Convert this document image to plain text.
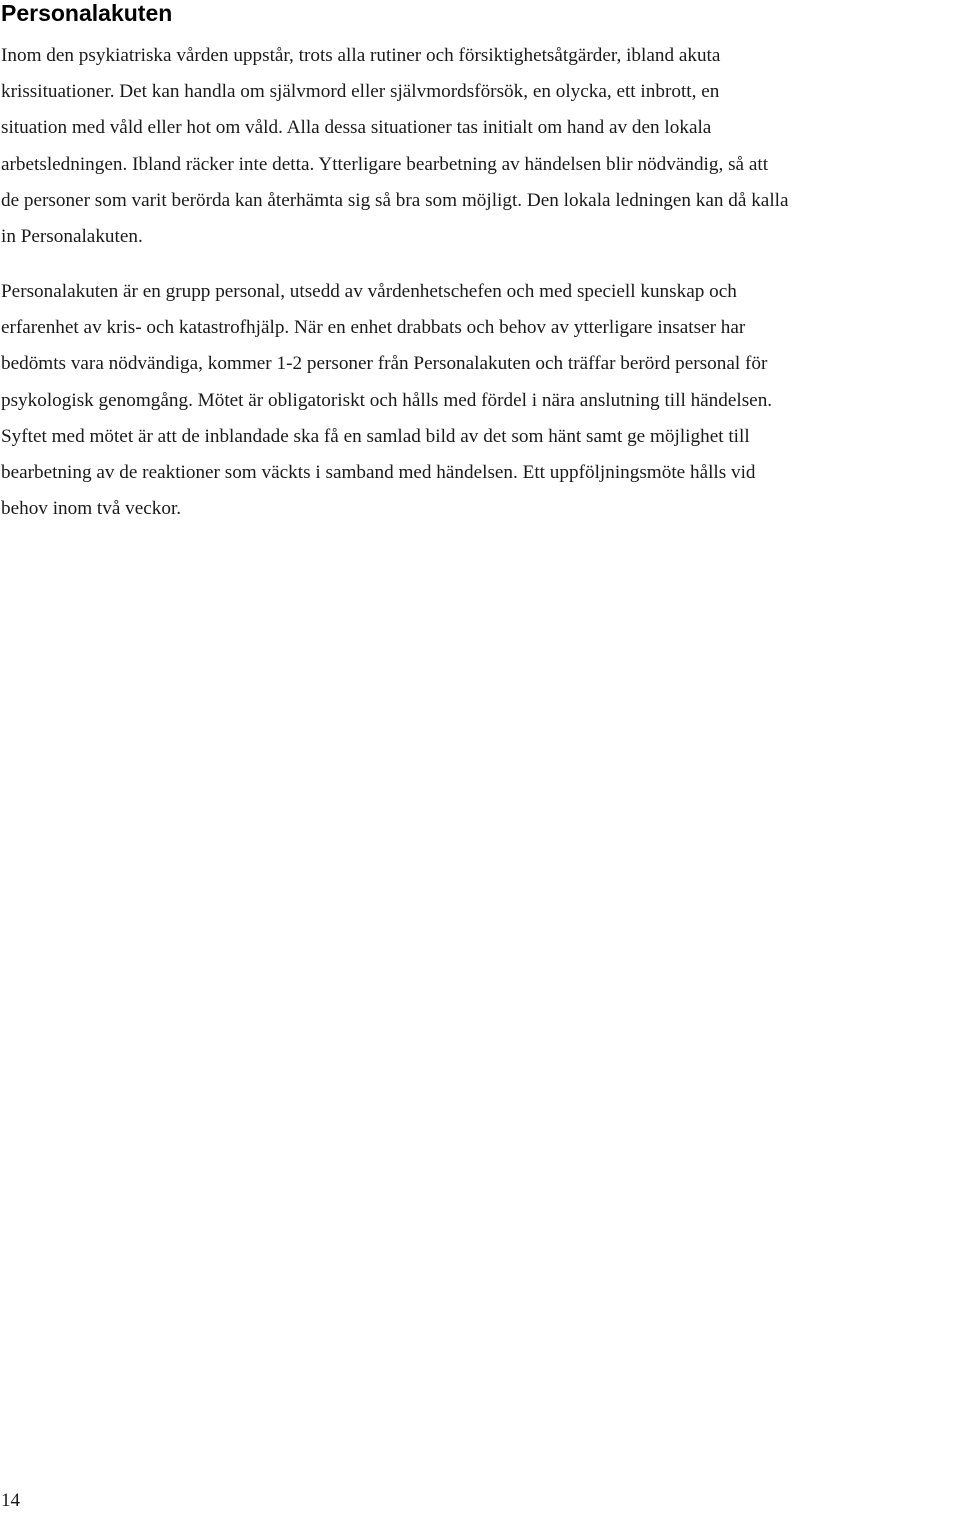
Personalakuten

Inom den psykiatriska vården uppstår, trots alla rutiner och försiktighetsåtgärder, ibland akuta
krissituationer. Det kan handla om självmord eller självmordsförsök, en olycka, ett inbrott, en
situation med våld eller hot om våld. Alla dessa situationer tas initialt om hand av den lokala
arbetsledningen. Ibland räcker inte detta. Ytterligare bearbetning av händelsen blir nödvändig, så att
de personer som varit berörda kan återhämta sig så bra som möjligt. Den lokala ledningen kan då kalla
in Personalakuten.

Personalakuten är en grupp personal, utsedd av vårdenhetschefen och med speciell kunskap och
erfarenhet av kris- och katastrofhjälp. När en enhet drabbats och behov av ytterligare insatser har
bedömts vara nödvändiga, kommer 1-2 personer från Personalakuten och träffar berörd personal för
psykologisk genomgång. Mötet är obligatoriskt och hålls med fördel i nära anslutning till händelsen.
Syftet med mötet är att de inblandade ska få en samlad bild av det som hänt samt ge möjlighet till
bearbetning av de reaktioner som väckts i samband med händelsen. Ett uppföljningsmöte hålls vid
behov inom två veckor.

14
